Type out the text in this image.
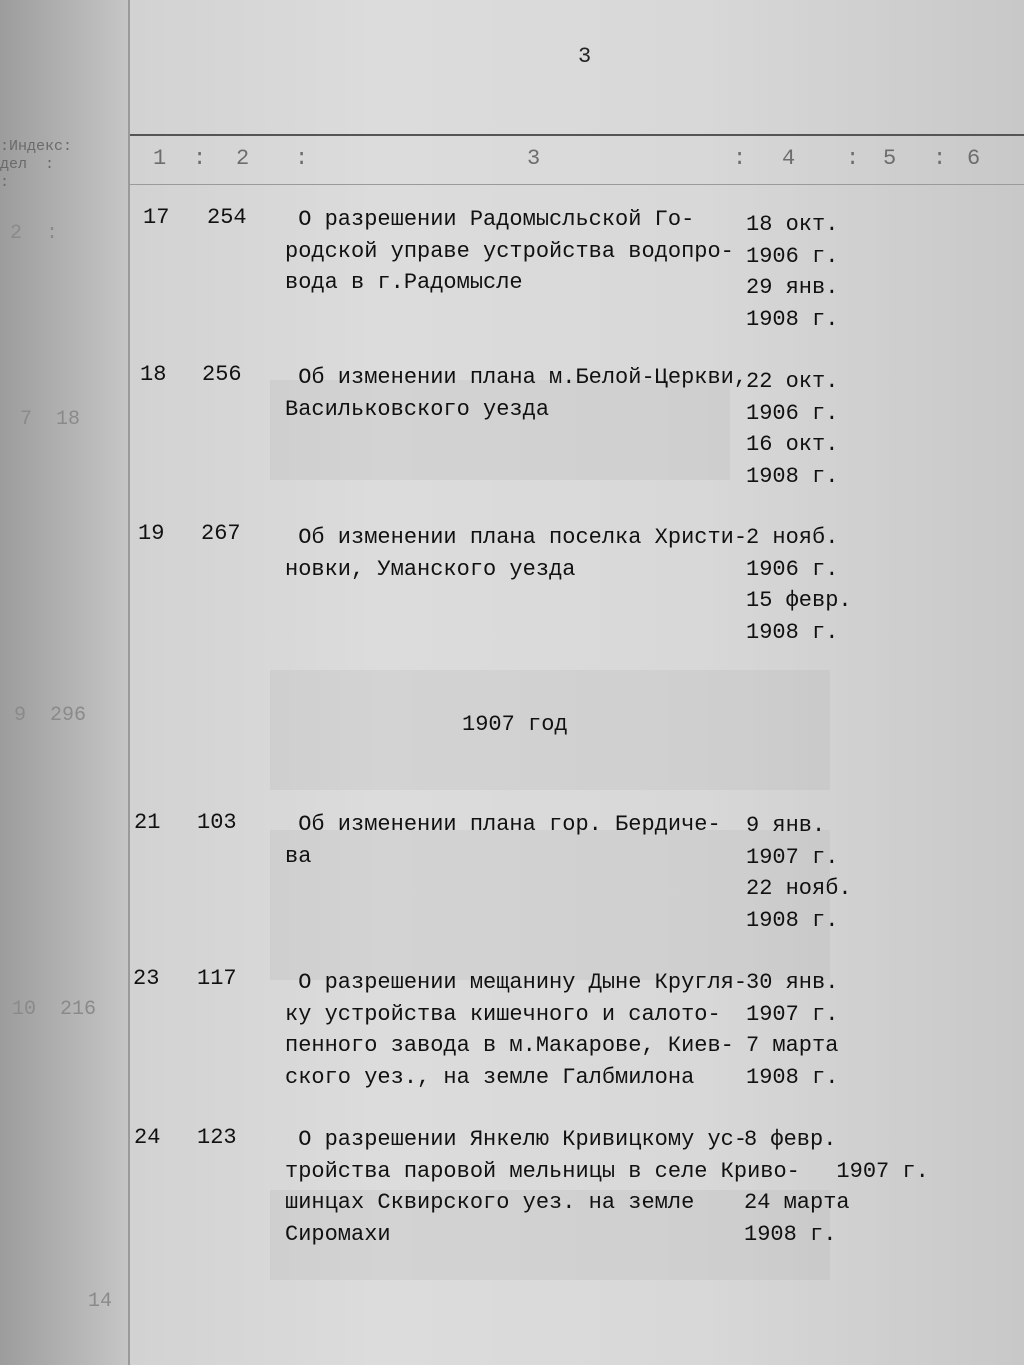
:Индекс:
дел  :
:
2  :
7  18
9  296
10  216
14
3
1 : 2 :	3	: 4 : 5 : 6
17 254 О разрешении Радомысльской Го-
родской управе устройства водопро-
вода в г.Радомысле
18 окт.
1906 г.
29 янв.
1908 г.
18 256 Об изменении плана м.Белой-Церкви,
Васильковского уезда
22 окт.
1906 г.
16 окт.
1908 г.
19 267 Об изменении плана поселка Христи-
новки, Уманского уезда
2 нояб.
1906 г.
15 февр.
1908 г.
1907 год
21 103 Об изменении плана гор. Бердиче-
ва
9 янв.
1907 г.
22 нояб.
1908 г.
23 117 О разрешении мещанину Дыне Кругля-
ку устройства кишечного и салото-
пенного завода в м.Макарове, Киев-
ского уез., на земле Галбмилона
30 янв.
1907 г.
7 марта
1908 г.
24 123 О разрешении Янкелю Кривицкому ус-
тройства паровой мельницы в селе Криво-
шинцах Сквирского уез. на земле
Сиромахи
8 февр.
1907 г.
24 марта
1908 г.
